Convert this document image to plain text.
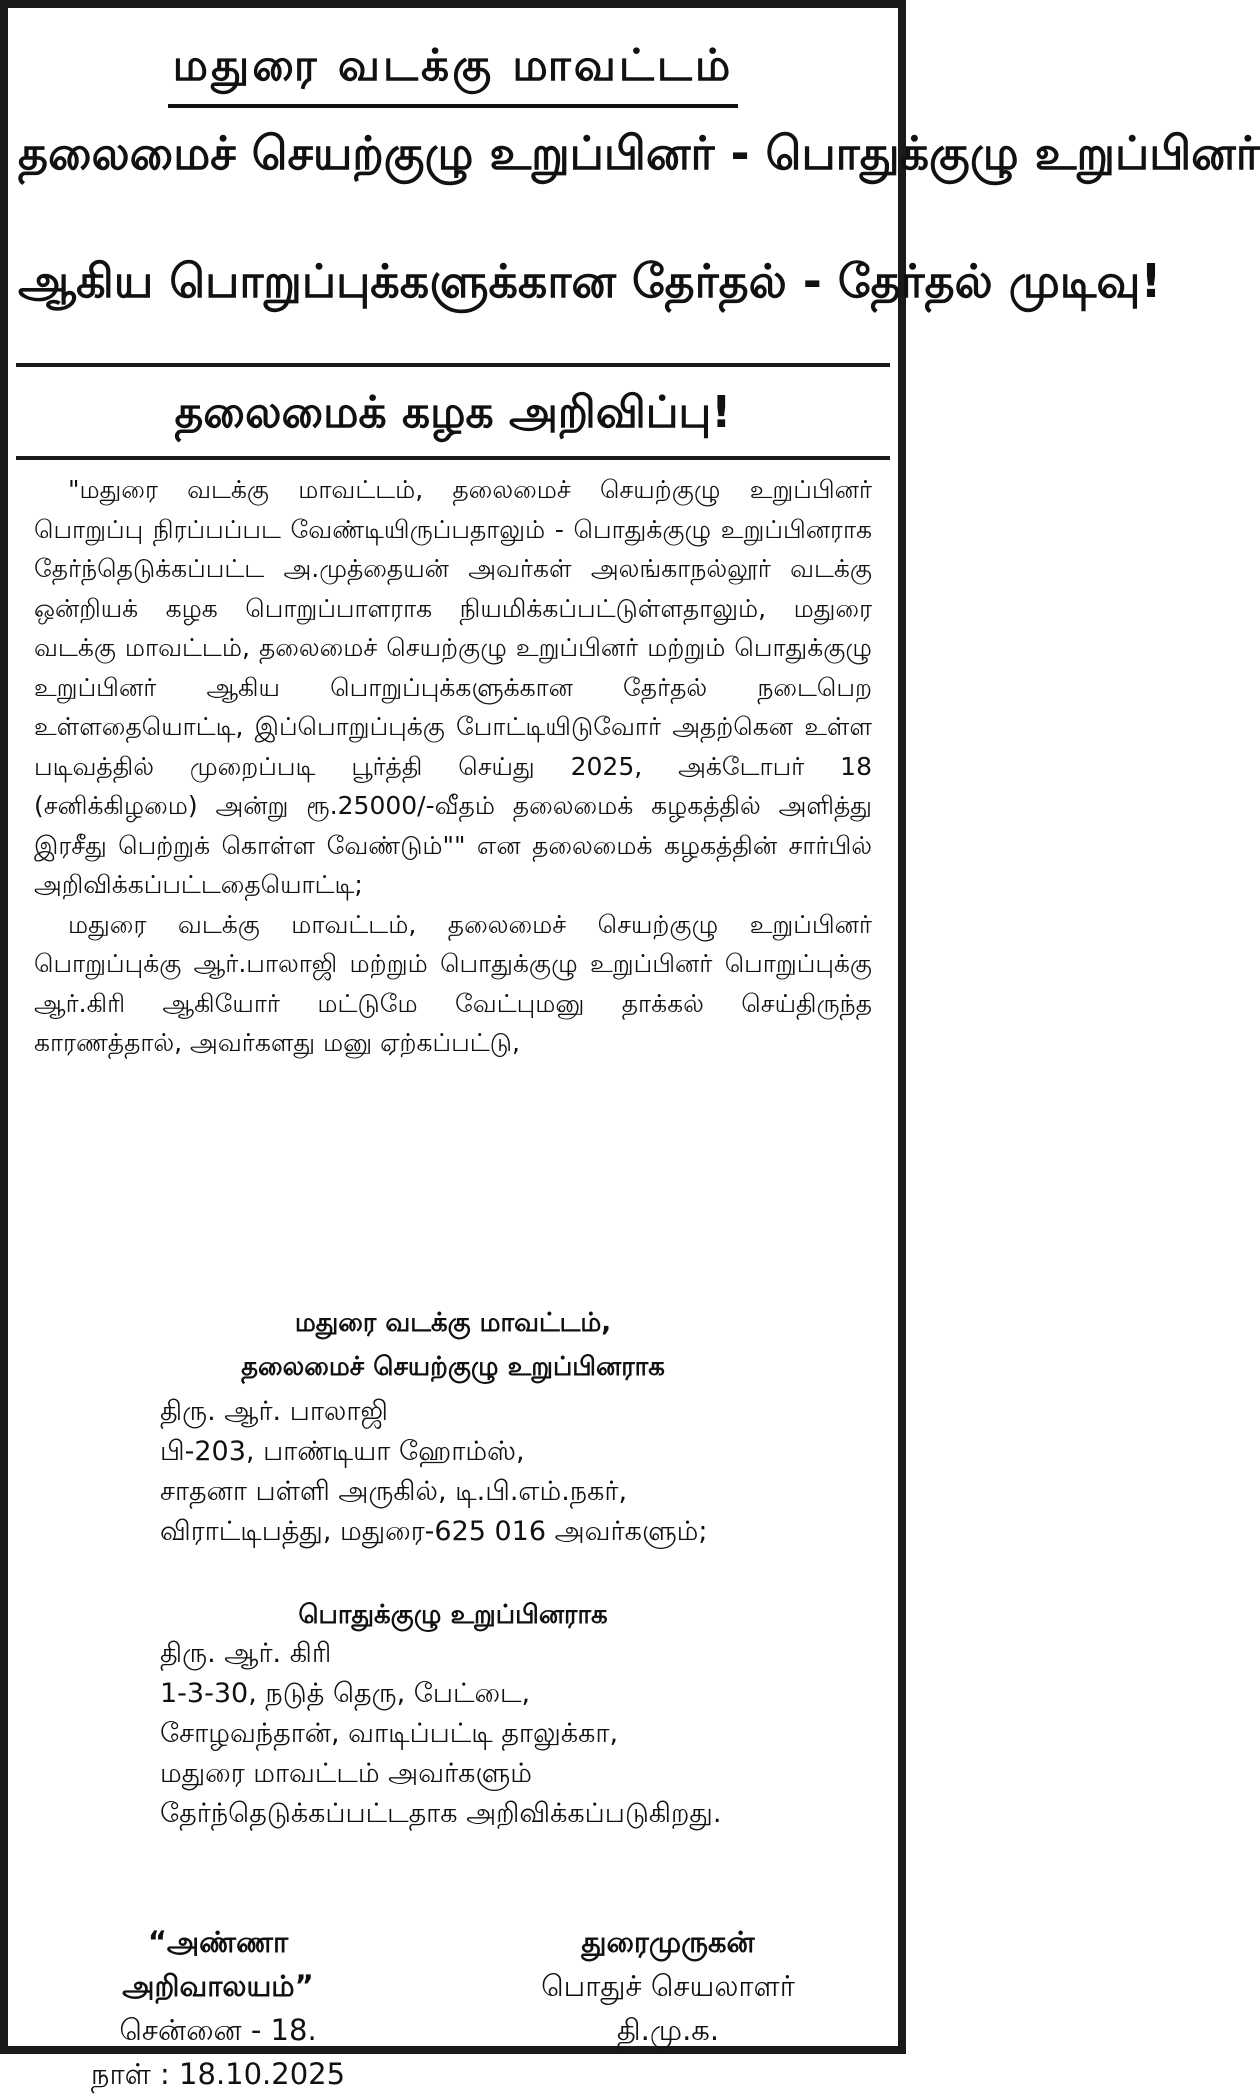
மதுரை வடக்கு மாவட்டம்
தலைமைச் செயற்குழு உறுப்பினர் - பொதுக்குழு உறுப்பினர்
ஆகிய பொறுப்புக்களுக்கான தேர்தல் - தேர்தல் முடிவு!
தலைமைக் கழக அறிவிப்பு!

"மதுரை வடக்கு மாவட்டம், தலைமைச் செயற்குழு உறுப்பினர் பொறுப்பு நிரப்பப்பட வேண்டியிருப்பதாலும் - பொதுக்குழு உறுப்பினராக தேர்ந்தெடுக்கப்பட்ட அ.முத்தையன் அவர்கள் அலங்காநல்லூர் வடக்கு ஒன்றியக் கழக பொறுப்பாளராக நியமிக்கப்பட்டுள்ளதாலும், மதுரை வடக்கு மாவட்டம், தலைமைச் செயற்குழு உறுப்பினர் மற்றும் பொதுக்குழு உறுப்பினர் ஆகிய பொறுப்புக்களுக்கான தேர்தல் நடைபெற உள்ளதையொட்டி, இப்பொறுப்புக்கு போட்டியிடுவோர் அதற்கென உள்ள படிவத்தில் முறைப்படி பூர்த்தி செய்து 2025, அக்டோபர் 18 (சனிக்கிழமை) அன்று ரூ.25000/-வீதம் தலைமைக் கழகத்தில் அளித்து இரசீது பெற்றுக் கொள்ள வேண்டும்"" என தலைமைக் கழகத்தின் சார்பில் அறிவிக்கப்பட்டதையொட்டி;

மதுரை வடக்கு மாவட்டம், தலைமைச் செயற்குழு உறுப்பினர் பொறுப்புக்கு ஆர்.பாலாஜி மற்றும் பொதுக்குழு உறுப்பினர் பொறுப்புக்கு ஆர்.கிரி ஆகியோர் மட்டுமே வேட்புமனு தாக்கல் செய்திருந்த காரணத்தால், அவர்களது மனு ஏற்கப்பட்டு,

மதுரை வடக்கு மாவட்டம்,
தலைமைச் செயற்குழு உறுப்பினராக
திரு. ஆர். பாலாஜி
பி-203, பாண்டியா ஹோம்ஸ்,
சாதனா பள்ளி அருகில், டி.பி.எம்.நகர்,
விராட்டிபத்து, மதுரை-625 016 அவர்களும்;
பொதுக்குழு உறுப்பினராக
திரு. ஆர். கிரி
1-3-30, நடுத் தெரு, பேட்டை,
சோழவந்தான், வாடிப்பட்டி தாலுக்கா,
மதுரை மாவட்டம் அவர்களும்
தேர்ந்தெடுக்கப்பட்டதாக அறிவிக்கப்படுகிறது.
“அண்ணா அறிவாலயம்”
சென்னை - 18.
நாள் : 18.10.2025
துரைமுருகன்
பொதுச் செயலாளர்
தி.மு.க.
